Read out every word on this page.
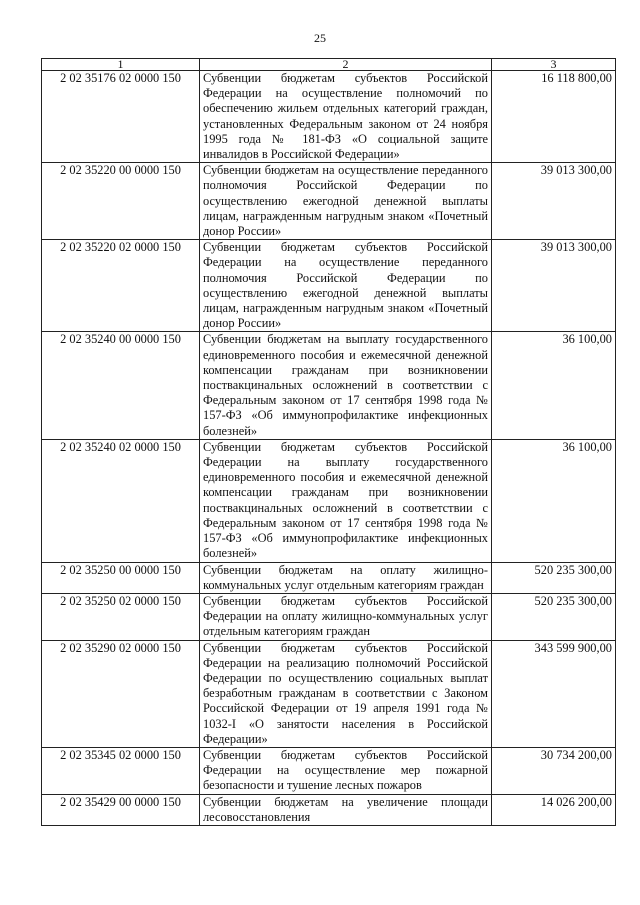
25
1	2	3
2 02 35176 02 0000 150	Субвенции бюджетам субъектов Российской Федерации на осуществление полномочий по обеспечению жильем отдельных категорий граждан, установленных Федеральным законом от 24 ноября 1995 года № 181-ФЗ «О социальной защите инвалидов в Российской Федерации»	16 118 800,00
2 02 35220 00 0000 150	Субвенции бюджетам на осуществление переданного полномочия Российской Федерации по осуществлению ежегодной денежной выплаты лицам, награжденным нагрудным знаком «Почетный донор России»	39 013 300,00
2 02 35220 02 0000 150	Субвенции бюджетам субъектов Российской Федерации на осуществление переданного полномочия Российской Федерации по осуществлению ежегодной денежной выплаты лицам, награжденным нагрудным знаком «Почетный донор России»	39 013 300,00
2 02 35240 00 0000 150	Субвенции бюджетам на выплату государственного единовременного пособия и ежемесячной денежной компенсации гражданам при возникновении поствакцинальных осложнений в соответствии с Федеральным законом от 17 сентября 1998 года № 157-ФЗ «Об иммунопрофилактике инфекционных болезней»	36 100,00
2 02 35240 02 0000 150	Субвенции бюджетам субъектов Российской Федерации на выплату государственного единовременного пособия и ежемесячной денежной компенсации гражданам при возникновении поствакцинальных осложнений в соответствии с Федеральным законом от 17 сентября 1998 года № 157-ФЗ «Об иммунопрофилактике инфекционных болезней»	36 100,00
2 02 35250 00 0000 150	Субвенции бюджетам на оплату жилищно-коммунальных услуг отдельным категориям граждан	520 235 300,00
2 02 35250 02 0000 150	Субвенции бюджетам субъектов Российской Федерации на оплату жилищно-коммунальных услуг отдельным категориям граждан	520 235 300,00
2 02 35290 02 0000 150	Субвенции бюджетам субъектов Российской Федерации на реализацию полномочий Российской Федерации по осуществлению социальных выплат безработным гражданам в соответствии с Законом Российской Федерации от 19 апреля 1991 года № 1032-I «О занятости населения в Российской Федерации»	343 599 900,00
2 02 35345 02 0000 150	Субвенции бюджетам субъектов Российской Федерации на осуществление мер пожарной безопасности и тушение лесных пожаров	30 734 200,00
2 02 35429 00 0000 150	Субвенции бюджетам на увеличение площади лесовосстановления	14 026 200,00
